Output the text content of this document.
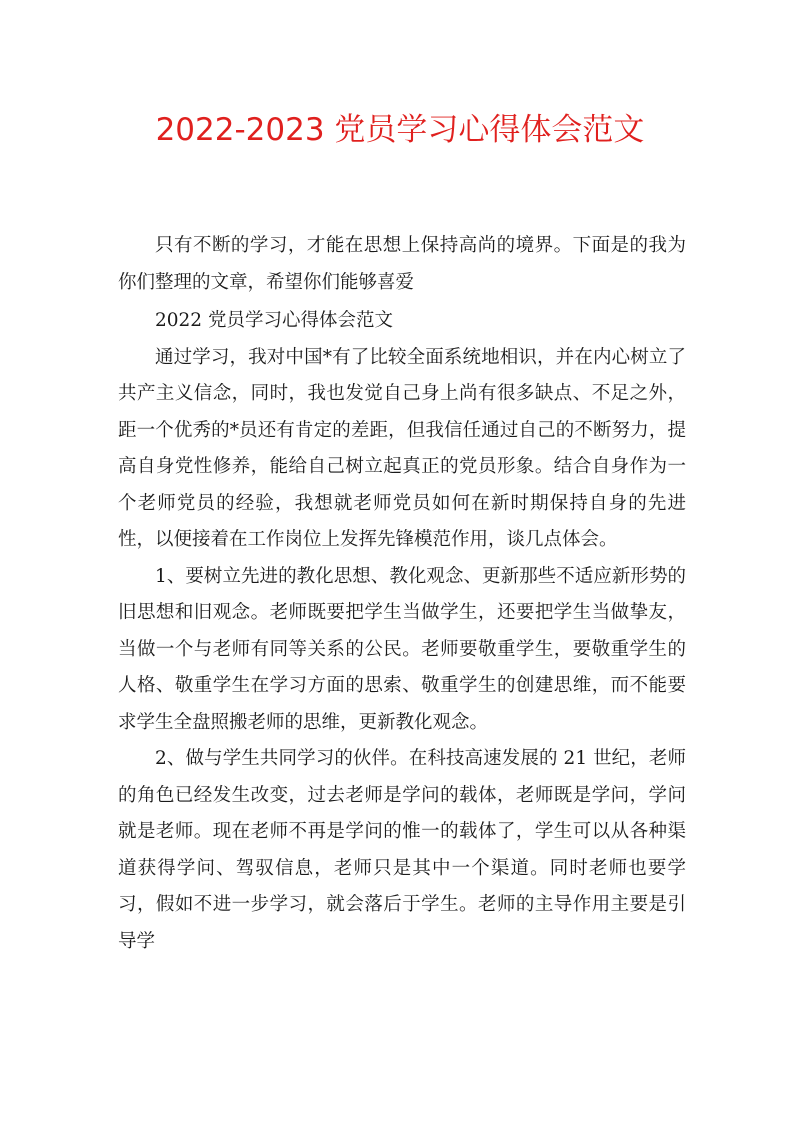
2022-2023 党员学习心得体会范文

只有不断的学习，才能在思想上保持高尚的境界。下面是的我为你们整理的文章，希望你们能够喜爱

2022 党员学习心得体会范文

通过学习，我对中国*有了比较全面系统地相识，并在内心树立了共产主义信念，同时，我也发觉自己身上尚有很多缺点、不足之外，距一个优秀的*员还有肯定的差距，但我信任通过自己的不断努力，提高自身党性修养，能给自己树立起真正的党员形象。结合自身作为一个老师党员的经验，我想就老师党员如何在新时期保持自身的先进性，以便接着在工作岗位上发挥先锋模范作用，谈几点体会。

1、要树立先进的教化思想、教化观念、更新那些不适应新形势的旧思想和旧观念。老师既要把学生当做学生，还要把学生当做挚友，当做一个与老师有同等关系的公民。老师要敬重学生，要敬重学生的人格、敬重学生在学习方面的思索、敬重学生的创建思维，而不能要求学生全盘照搬老师的思维，更新教化观念。

2、做与学生共同学习的伙伴。在科技高速发展的 21 世纪，老师的角色已经发生改变，过去老师是学问的载体，老师既是学问，学问就是老师。现在老师不再是学问的惟一的载体了，学生可以从各种渠道获得学问、驾驭信息，老师只是其中一个渠道。同时老师也要学习，假如不进一步学习，就会落后于学生。老师的主导作用主要是引导学
